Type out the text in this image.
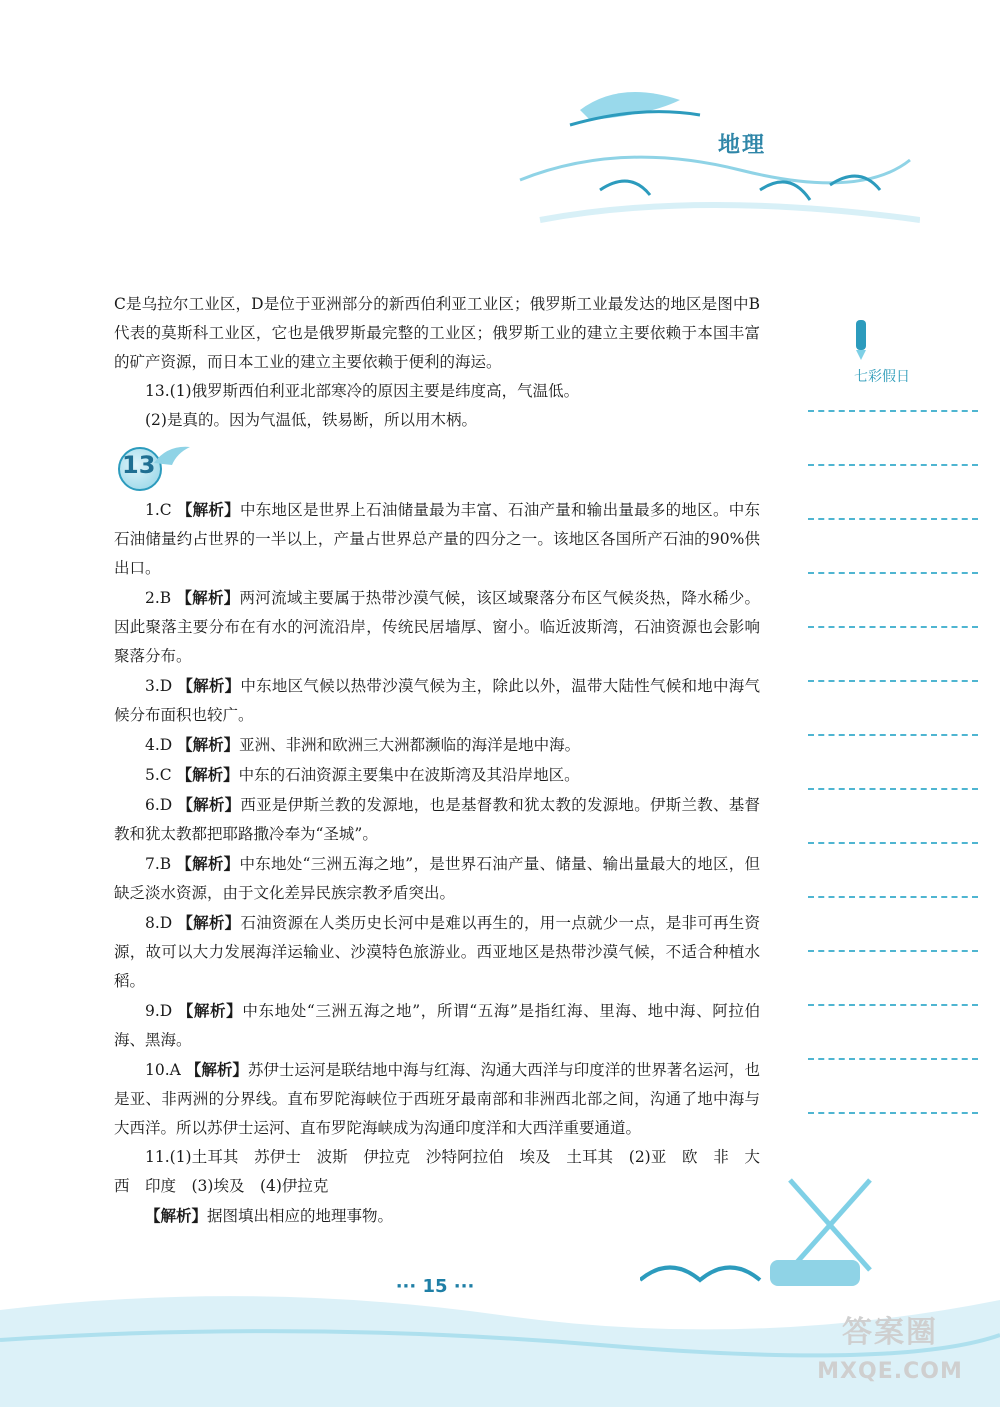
地理
七彩假日

C是乌拉尔工业区，D是位于亚洲部分的新西伯利亚工业区；俄罗斯工业最发达的地区是图中B代表的莫斯科工业区，它也是俄罗斯最完整的工业区；俄罗斯工业的建立主要依赖于本国丰富的矿产资源，而日本工业的建立主要依赖于便利的海运。

13.(1)俄罗斯西伯利亚北部寒冷的原因主要是纬度高，气温低。

(2)是真的。因为气温低，铁易断，所以用木柄。

13

1.C 【解析】中东地区是世界上石油储量最为丰富、石油产量和输出量最多的地区。中东石油储量约占世界的一半以上，产量占世界总产量的四分之一。该地区各国所产石油的90%供出口。

2.B 【解析】两河流域主要属于热带沙漠气候，该区域聚落分布区气候炎热，降水稀少。因此聚落主要分布在有水的河流沿岸，传统民居墙厚、窗小。临近波斯湾，石油资源也会影响聚落分布。

3.D 【解析】中东地区气候以热带沙漠气候为主，除此以外，温带大陆性气候和地中海气候分布面积也较广。

4.D 【解析】亚洲、非洲和欧洲三大洲都濒临的海洋是地中海。

5.C 【解析】中东的石油资源主要集中在波斯湾及其沿岸地区。

6.D 【解析】西亚是伊斯兰教的发源地，也是基督教和犹太教的发源地。伊斯兰教、基督教和犹太教都把耶路撒冷奉为“圣城”。

7.B 【解析】中东地处“三洲五海之地”，是世界石油产量、储量、输出量最大的地区，但缺乏淡水资源，由于文化差异民族宗教矛盾突出。

8.D 【解析】石油资源在人类历史长河中是难以再生的，用一点就少一点，是非可再生资源，故可以大力发展海洋运输业、沙漠特色旅游业。西亚地区是热带沙漠气候，不适合种植水稻。

9.D 【解析】中东地处“三洲五海之地”，所谓“五海”是指红海、里海、地中海、阿拉伯海、黑海。

10.A 【解析】苏伊士运河是联结地中海与红海、沟通大西洋与印度洋的世界著名运河，也是亚、非两洲的分界线。直布罗陀海峡位于西班牙最南部和非洲西北部之间，沟通了地中海与大西洋。所以苏伊士运河、直布罗陀海峡成为沟通印度洋和大西洋重要通道。

11.(1)土耳其　苏伊士　波斯　伊拉克　沙特阿拉伯　埃及　土耳其　(2)亚　欧　非　大西　印度　(3)埃及　(4)伊拉克

【解析】据图填出相应的地理事物。

··· 15 ···
答案圈
MXQE.COM
